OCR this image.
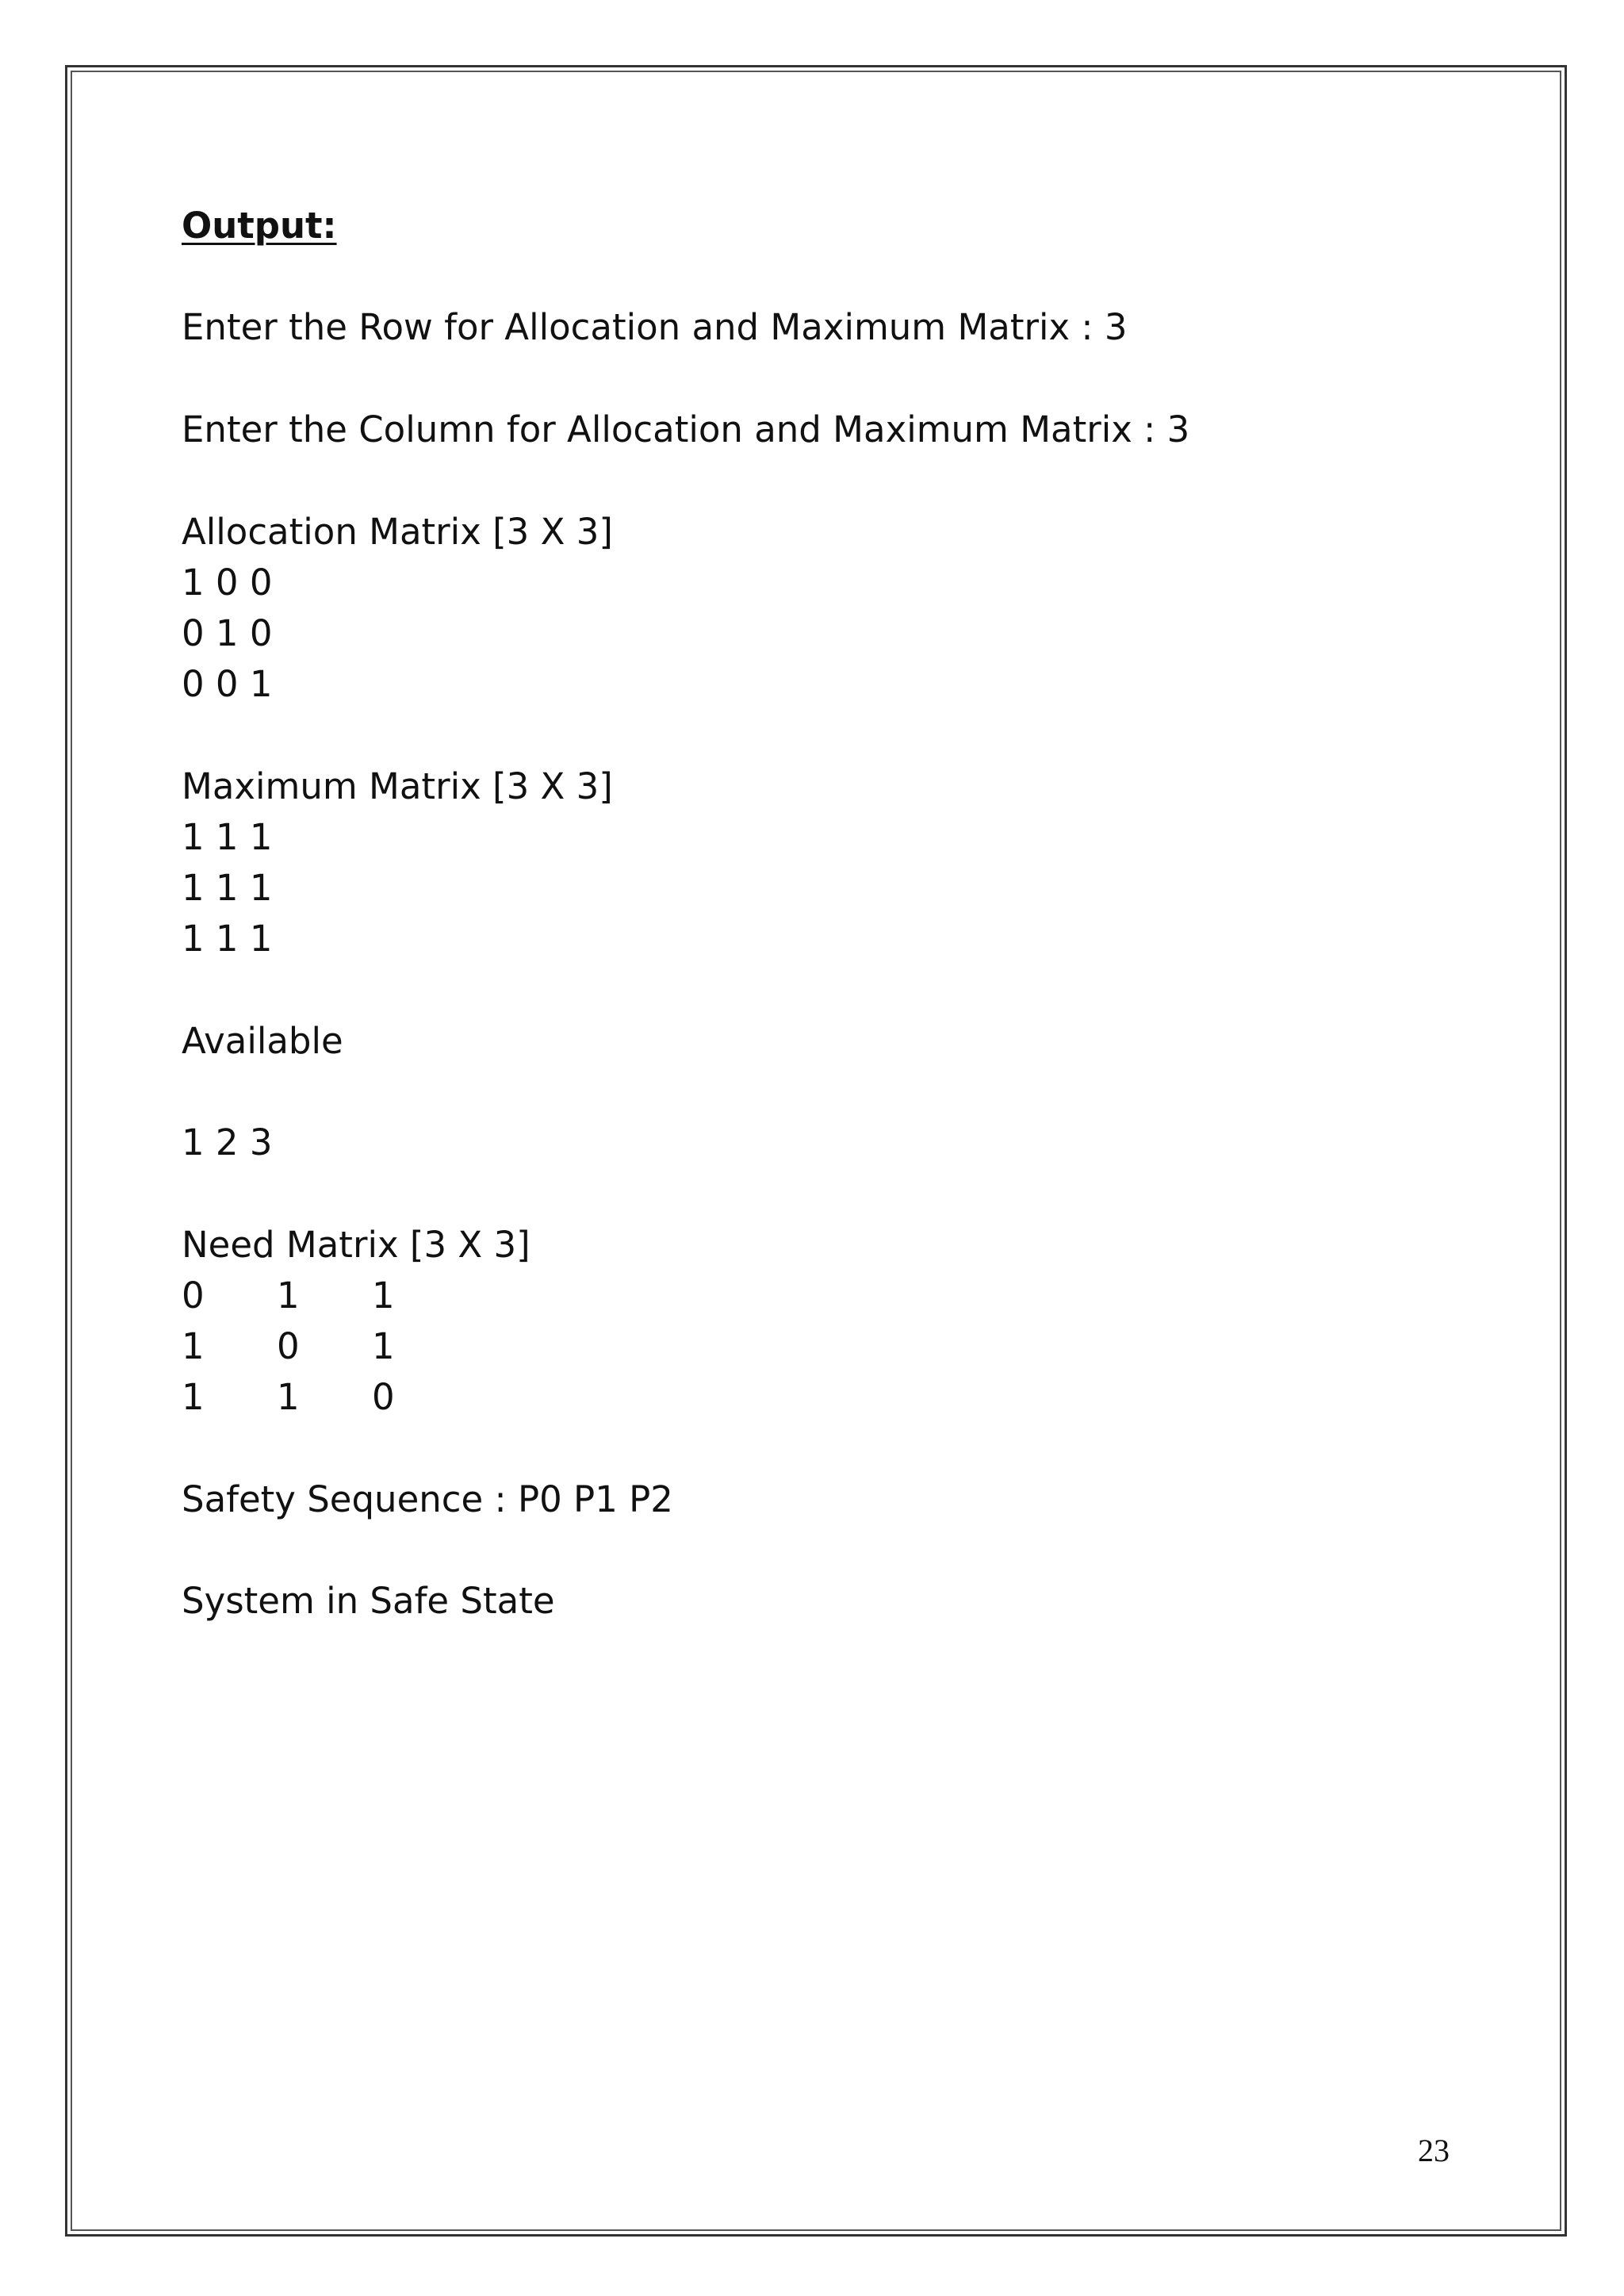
Output:
Enter the Row for Allocation and Maximum Matrix : 3
Enter the Column for Allocation and Maximum Matrix : 3
Allocation Matrix [3 X 3]
1 0 0
0 1 0
0 0 1
Maximum Matrix [3 X 3]
1 1 1
1 1 1
1 1 1
Available
1 2 3
Need Matrix [3 X 3]
0 1 1
1 0 1
1 1 0
Safety Sequence : P0 P1 P2
System in Safe State
23
